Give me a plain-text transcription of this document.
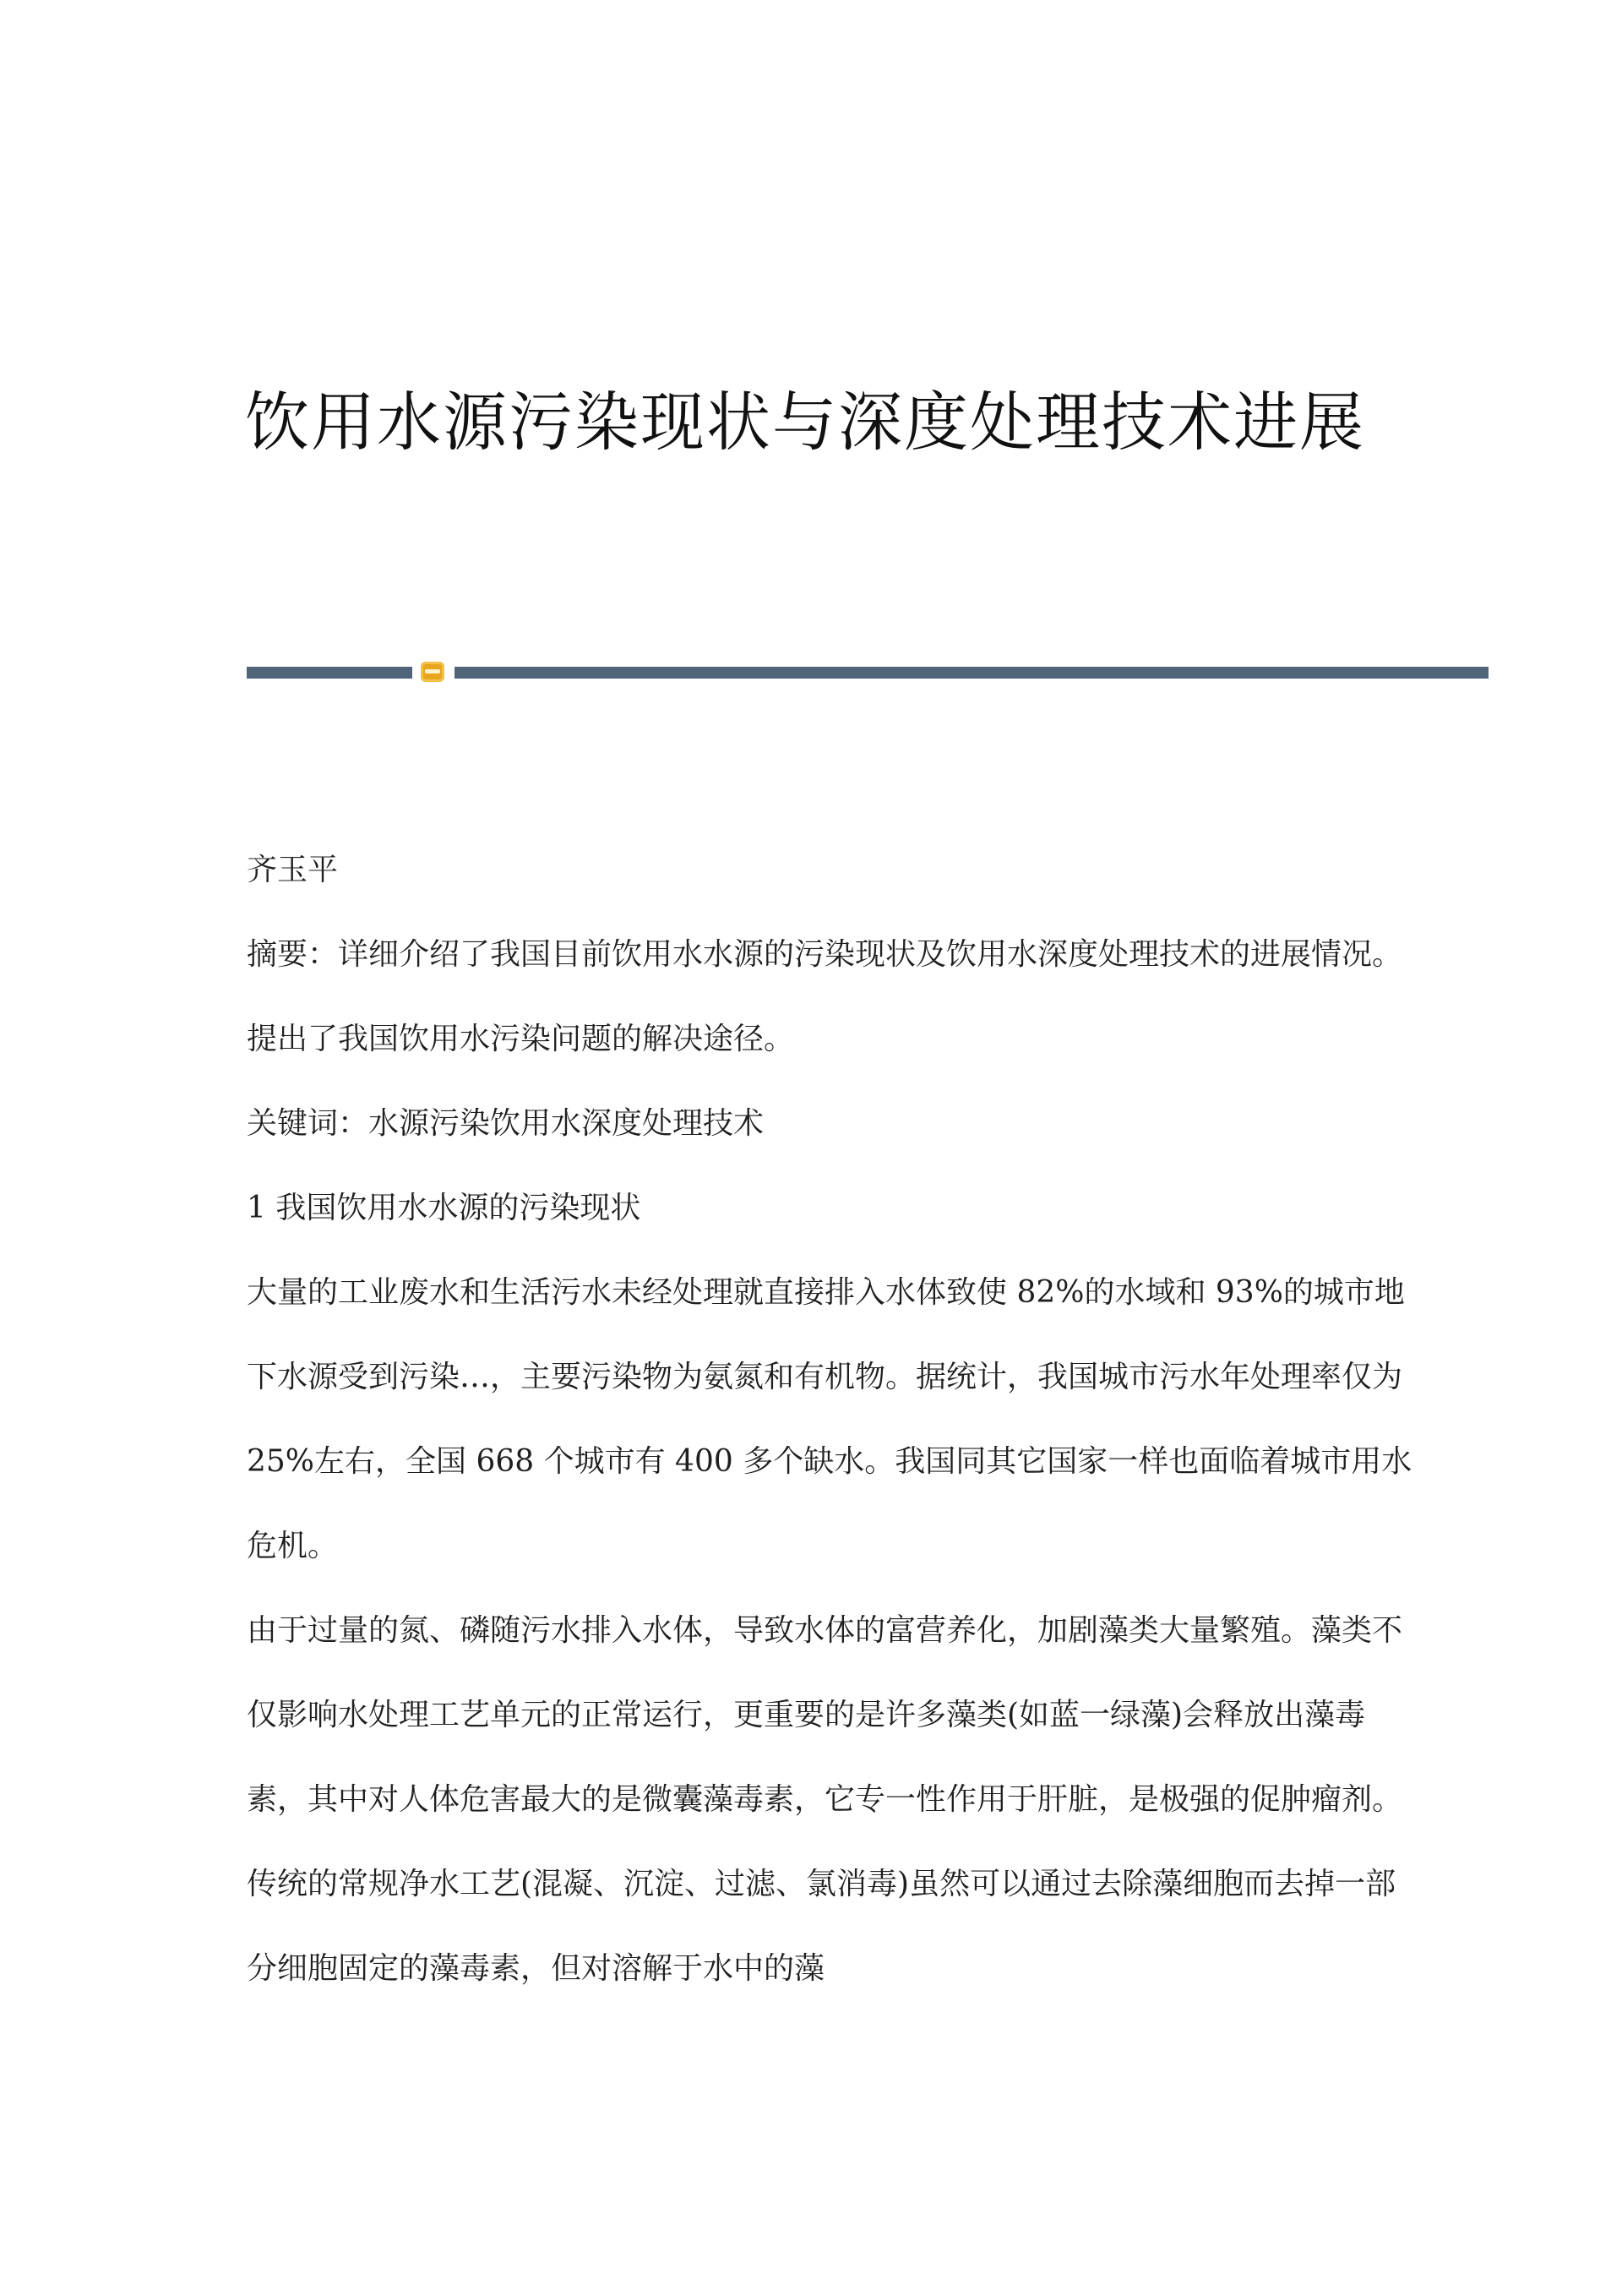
饮用水源污染现状与深度处理技术进展

齐玉平

摘要：详细介绍了我国目前饮用水水源的污染现状及饮用水深度处理技术的进展情况。提出了我国饮用水污染问题的解决途径。

关键词：水源污染饮用水深度处理技术

1 我国饮用水水源的污染现状

大量的工业废水和生活污水未经处理就直接排入水体致使 82%的水域和 93%的城市地下水源受到污染…，主要污染物为氨氮和有机物。据统计，我国城市污水年处理率仅为 25%左右，全国 668 个城市有 400 多个缺水。我国同其它国家一样也面临着城市用水危机。

由于过量的氮、磷随污水排入水体，导致水体的富营养化，加剧藻类大量繁殖。藻类不仅影响水处理工艺单元的正常运行，更重要的是许多藻类(如蓝一绿藻)会释放出藻毒素，其中对人体危害最大的是微囊藻毒素，它专一性作用于肝脏，是极强的促肿瘤剂。传统的常规净水工艺(混凝、沉淀、过滤、氯消毒)虽然可以通过去除藻细胞而去掉一部分细胞固定的藻毒素，但对溶解于水中的藻
